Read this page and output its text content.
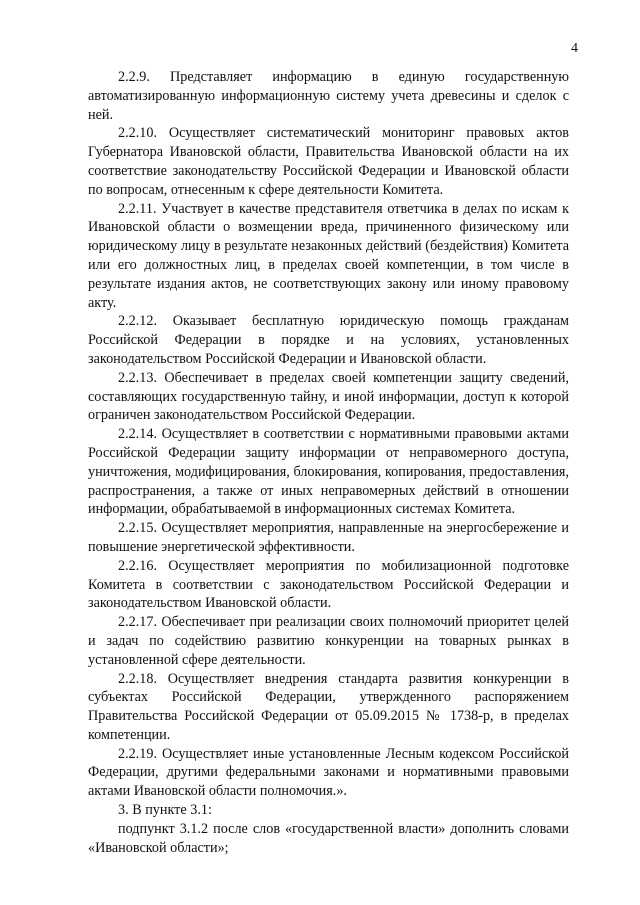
4

2.2.9. Представляет информацию в единую государственную автоматизированную информационную систему учета древесины и сделок с ней.

2.2.10. Осуществляет систематический мониторинг правовых актов Губернатора Ивановской области, Правительства Ивановской области на их соответствие законодательству Российской Федерации и Ивановской области по вопросам, отнесенным к сфере деятельности Комитета.

2.2.11. Участвует в качестве представителя ответчика в делах по искам к Ивановской области о возмещении вреда, причиненного физическому или юридическому лицу в результате незаконных действий (бездействия) Комитета или его должностных лиц, в пределах своей компетенции, в том числе в результате издания актов, не соответствующих закону или иному правовому акту.

2.2.12. Оказывает бесплатную юридическую помощь гражданам Российской Федерации в порядке и на условиях, установленных законодательством Российской Федерации и Ивановской области.

2.2.13. Обеспечивает в пределах своей компетенции защиту сведений, составляющих государственную тайну, и иной информации, доступ к которой ограничен законодательством Российской Федерации.

2.2.14. Осуществляет в соответствии с нормативными правовыми актами Российской Федерации защиту информации от неправомерного доступа, уничтожения, модифицирования, блокирования, копирования, предоставления, распространения, а также от иных неправомерных действий в отношении информации, обрабатываемой в информационных системах Комитета.

2.2.15. Осуществляет мероприятия, направленные на энергосбережение и повышение энергетической эффективности.

2.2.16. Осуществляет мероприятия по мобилизационной подготовке Комитета в соответствии с законодательством Российской Федерации и законодательством Ивановской области.

2.2.17. Обеспечивает при реализации своих полномочий приоритет целей и задач по содействию развитию конкуренции на товарных рынках в установленной сфере деятельности.

2.2.18. Осуществляет внедрения стандарта развития конкуренции в субъектах Российской Федерации, утвержденного распоряжением Правительства Российской Федерации от 05.09.2015 № 1738-р, в пределах компетенции.

2.2.19. Осуществляет иные установленные Лесным кодексом Российской Федерации, другими федеральными законами и нормативными правовыми актами Ивановской области полномочия.».

3. В пункте 3.1:

подпункт 3.1.2 после слов «государственной власти» дополнить словами «Ивановской области»;
